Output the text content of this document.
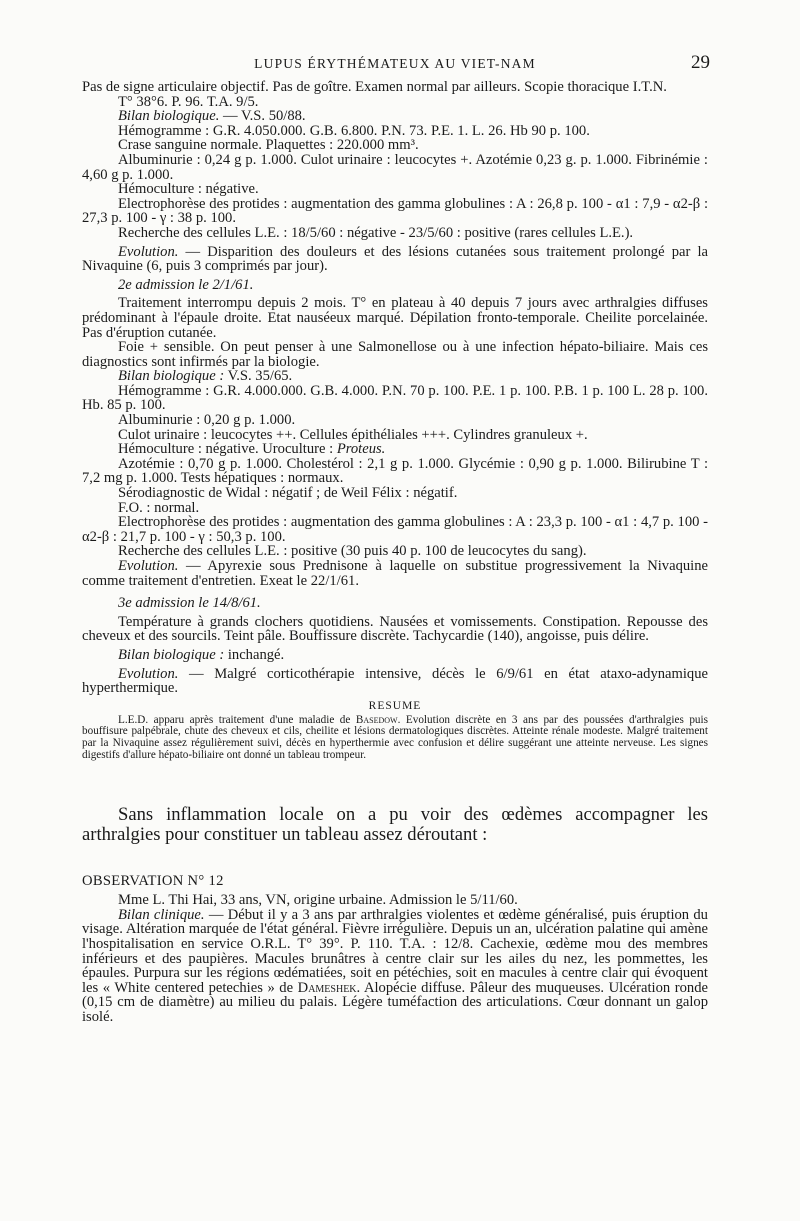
LUPUS ÉRYTHÉMATEUX AU VIET-NAM	29

Pas de signe articulaire objectif. Pas de goître. Examen normal par ailleurs. Scopie thoracique I.T.N.

T° 38°6. P. 96. T.A. 9/5.

Bilan biologique. — V.S. 50/88.

Hémogramme : G.R. 4.050.000. G.B. 6.800. P.N. 73. P.E. 1. L. 26. Hb 90 p. 100.

Crase sanguine normale. Plaquettes : 220.000 mm³.

Albuminurie : 0,24 g p. 1.000. Culot urinaire : leucocytes +. Azotémie 0,23 g. p. 1.000. Fibrinémie : 4,60 g p. 1.000.

Hémoculture : négative.

Electrophorèse des protides : augmentation des gamma globulines : A : 26,8 p. 100 - α1 : 7,9 - α2-β : 27,3 p. 100 - γ : 38 p. 100.

Recherche des cellules L.E. : 18/5/60 : négative - 23/5/60 : positive (rares cellules L.E.).

Evolution. — Disparition des douleurs et des lésions cutanées sous traitement prolongé par la Nivaquine (6, puis 3 comprimés par jour).

2e admission le 2/1/61.

Traitement interrompu depuis 2 mois. T° en plateau à 40 depuis 7 jours avec arthralgies diffuses prédominant à l'épaule droite. Etat nauséeux marqué. Dépilation fronto-temporale. Cheilite porcelainée. Pas d'éruption cutanée.

Foie + sensible. On peut penser à une Salmonellose ou à une infection hépato-biliaire. Mais ces diagnostics sont infirmés par la biologie.

Bilan biologique : V.S. 35/65.

Hémogramme : G.R. 4.000.000. G.B. 4.000. P.N. 70 p. 100. P.E. 1 p. 100. P.B. 1 p. 100 L. 28 p. 100. Hb. 85 p. 100.

Albuminurie : 0,20 g p. 1.000.

Culot urinaire : leucocytes ++. Cellules épithéliales +++. Cylindres granuleux +.

Hémoculture : négative. Uroculture : Proteus.

Azotémie : 0,70 g p. 1.000. Cholestérol : 2,1 g p. 1.000. Glycémie : 0,90 g p. 1.000. Bilirubine T : 7,2 mg p. 1.000. Tests hépatiques : normaux.

Sérodiagnostic de Widal : négatif ; de Weil Félix : négatif.

F.O. : normal.

Electrophorèse des protides : augmentation des gamma globulines : A : 23,3 p. 100 - α1 : 4,7 p. 100 - α2-β : 21,7 p. 100 - γ : 50,3 p. 100.

Recherche des cellules L.E. : positive (30 puis 40 p. 100 de leucocytes du sang).

Evolution. — Apyrexie sous Prednisone à laquelle on substitue progressivement la Nivaquine comme traitement d'entretien. Exeat le 22/1/61.

3e admission le 14/8/61.

Température à grands clochers quotidiens. Nausées et vomissements. Constipation. Repousse des cheveux et des sourcils. Teint pâle. Bouffissure discrète. Tachycardie (140), angoisse, puis délire.

Bilan biologique : inchangé.

Evolution. — Malgré corticothérapie intensive, décès le 6/9/61 en état ataxo-adynamique hyperthermique.

RESUME

L.E.D. apparu après traitement d'une maladie de Basedow. Evolution discrète en 3 ans par des poussées d'arthralgies puis bouffisure palpébrale, chute des cheveux et cils, cheilite et lésions dermatologiques discrètes. Atteinte rénale modeste. Malgré traitement par la Nivaquine assez régulièrement suivi, décès en hyperthermie avec confusion et délire suggérant une atteinte nerveuse. Les signes digestifs d'allure hépato-biliaire ont donné un tableau trompeur.

Sans inflammation locale on a pu voir des œdèmes accompagner les arthralgies pour constituer un tableau assez déroutant :

OBSERVATION N° 12

Mme L. Thi Hai, 33 ans, VN, origine urbaine. Admission le 5/11/60.

Bilan clinique. — Début il y a 3 ans par arthralgies violentes et œdème généralisé, puis éruption du visage. Altération marquée de l'état général. Fièvre irrégulière. Depuis un an, ulcération palatine qui amène l'hospitalisation en service O.R.L. T° 39°. P. 110. T.A. : 12/8. Cachexie, œdème mou des membres inférieurs et des paupières. Macules brunâtres à centre clair sur les ailes du nez, les pommettes, les épaules. Purpura sur les régions œdématiées, soit en pétéchies, soit en macules à centre clair qui évoquent les « White centered petechies » de Dameshek. Alopécie diffuse. Pâleur des muqueuses. Ulcération ronde (0,15 cm de diamètre) au milieu du palais. Légère tuméfaction des articulations. Cœur donnant un galop isolé.
